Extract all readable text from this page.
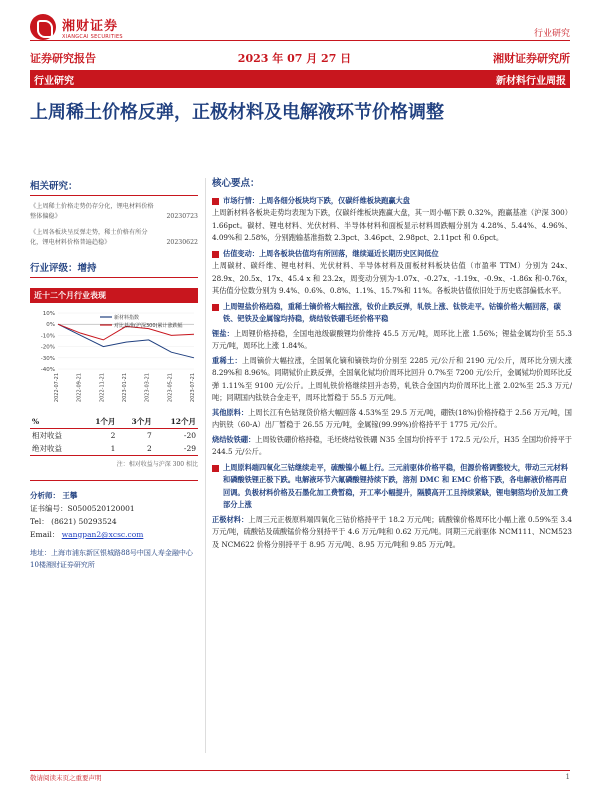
湘财证券
XIANGCAI SECURITIES	行业研究
证券研究报告	2023 年 07 月 27 日	湘财证券研究所
行业研究	新材料行业周报
上周稀土价格反弹，正极材料及电解液环节价格调整
相关研究：
《上周稀土价格走势仍存分化，锂电材料价格整体偏稳》	20230723
《上周各板块呈反弹走势，稀土价格有所分化，锂电材料价格普遍趋稳》	20230622
行业评级：增持
近十二个月行业表现
10%
0%
-10%
-20%
-30%
-40%
2022-07-21	2022-09-21	2022-11-21	2023-01-21	2023-03-21	2023-05-21	2023-07-21
新材料指数
对比基准(沪深300)累计涨跌幅
%	1个月	3个月	12个月
相对收益	2	7	-20
绝对收益	1	2	-29
注：相对收益与沪深 300 相比
分析师： 王攀
证书编号：S0500520120001
Tel： (8621) 50293524
Email： wangpan2@xcsc.com
地址：上海市浦东新区银城路88号中国人寿金融中心10楼湘财证券研究所
核心要点：
市场行情：上周各细分板块均下跌，仅碳纤维板块跑赢大盘
上周新材料各板块走势均表现为下跌，仅碳纤维板块跑赢大盘，其一周小幅下跌 0.32%，跑赢基准（沪深 300）1.66pct。碳材、锂电材料、光伏材料、半导体材料和面板显示材料周跌幅分别为 4.28%、5.44%、4.96%、4.09%和 2.58%，分别跑输基准指数 2.3pct、3.46pct、2.98pct、2.11pct 和 0.6pct。
估值变动：上周各板块估值均有所回落，继续逼近长期历史区间低位
上周碳材、碳纤维、锂电材料、光伏材料、半导体材料及面板材料板块估值（市盈率 TTM）分别为 24x、28.9x、20.5x、17x、45.4 x 和 23.2x，周变动分别为-1.07x、-0.27x、-1.19x、-0.9x、-1.86x 和-0.76x，其估值分位数分别为 9.4%、0.6%、0.8%、1.1%、15.7%和 11%。各板块估值依旧处于历史底部偏低水平。
上周锂盐价格趋稳，重稀土镝价格大幅拉涨，钕价止跌反弹，轧铁上涨、钛铁走平。钴镍价格大幅回落，碳铁、钯铁及金属镓均持稳，烧结钕铁硼毛坯价格平稳
锂盐：上周锂价格持稳，全国电池级碳酸锂均价维持 45.5 万元/吨，周环比上涨 1.56%；锂盐金属均价至 55.3 万元/吨，周环比上涨 1.84%。
重稀土：上周镝价大幅拉涨，全国氧化镝和镝铁均价分别至 2285 元/公斤和 2190 元/公斤，周环比分别大涨 8.29%和 8.96%。同期铽价止跌反弹，全国氧化铽均价周环比回升 0.7%至 7200 元/公斤，金属铽均价周环比反弹 1.11%至 9100 元/公斤。上周轧铁价格继续回升态势，轧铁合金国内均价周环比上涨 2.02%至 25.3 万元/吨；同期国内钛铁合金走平，周环比暂稳于 55.5 万元/吨。
其他原料：上周长江有色钴现货价格大幅回落 4.53%至 29.5 万元/吨，硼铁(18%)价格持稳于 2.56 万元/吨，国内钒铁（60-A）出厂暂稳于 26.55 万元/吨，金属镓(99.99%)价格持平于 1775 元/公斤。
烧结钕铁硼：上周钕铁硼价格持稳，毛坯烧结钕铁硼 N35 全国均价持平于 172.5 元/公斤，H35 全国均价持平于 244.5 元/公斤。
上周原料端四氧化三钴继续走平，硫酸镍小幅上行。三元前驱体价格平稳，但源价格调整较大，带动三元材料和磷酸铁锂正极下跌。电解液环节六氟磷酸锂持续下跌，溶剂 DMC 和 EMC 价格下跌，各电解液价格再启回调。负极材料价格及石墨化加工费暂稳，开工率小幅提升，隔膜高开工且持续紧缺，锂电铜箔均价及加工费部分上涨
正极材料：上周三元正极原料端四氧化三钴价格持平于 18.2 万元/吨；硫酸镍价格周环比小幅上涨 0.59%至 3.4 万元/吨，硫酸钴及硫酸锰价格分别持平于 4.6 万元/吨和 0.62 万元/吨。同期三元前驱体 NCM111、NCM523 及 NCM622 价格分别持平于 8.95 万元/吨、8.95 万元/吨和 9.85 万元/吨。
敬请阅读末页之重要声明	1
